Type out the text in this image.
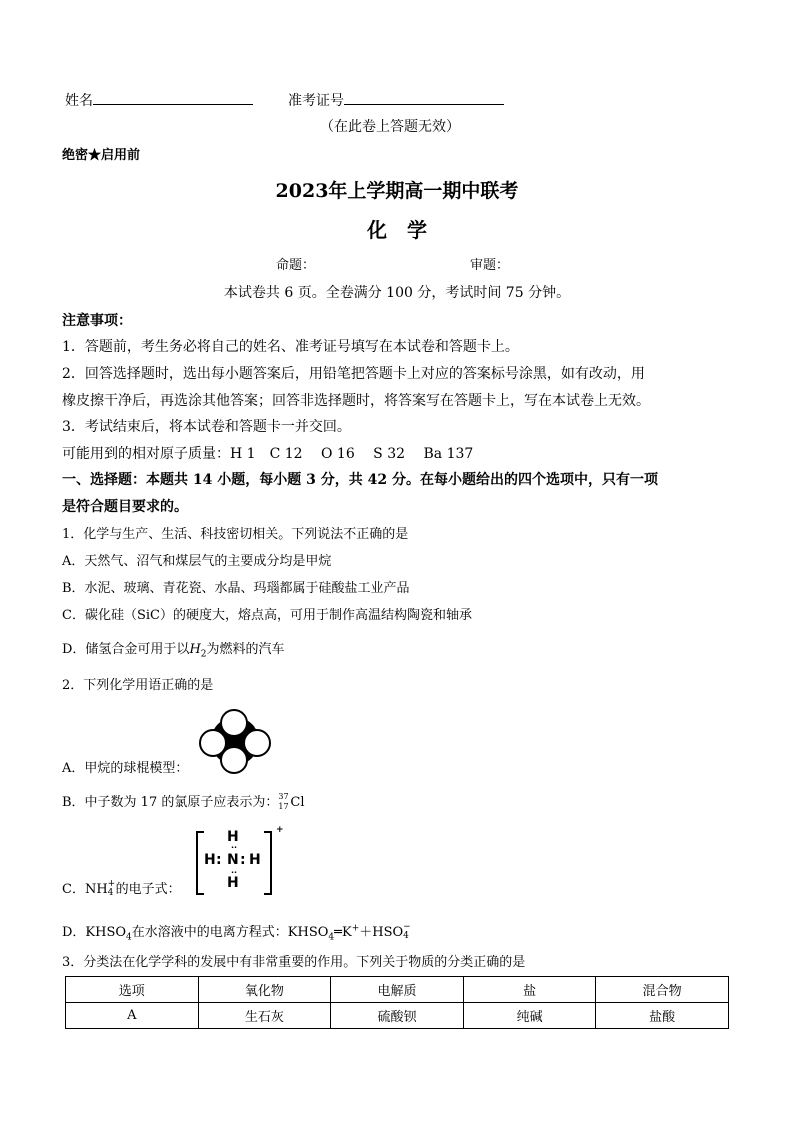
姓名	准考证号
（在此卷上答题无效）
绝密★启用前
2023年上学期高一期中联考
化　学
命题：	审题：
本试卷共 6 页。全卷满分 100 分，考试时间 75 分钟。
注意事项：
1．答题前，考生务必将自己的姓名、准考证号填写在本试卷和答题卡上。
2．回答选择题时，选出每小题答案后，用铅笔把答题卡上对应的答案标号涂黑，如有改动，用
橡皮擦干净后，再选涂其他答案；回答非选择题时，将答案写在答题卡上，写在本试卷上无效。
3．考试结束后，将本试卷和答题卡一并交回。
可能用到的相对原子质量：H 1　C 12　 O 16　 S 32　 Ba 137
一、选择题：本题共 14 小题，每小题 3 分，共 42 分。在每小题给出的四个选项中，只有一项
是符合题目要求的。
1．化学与生产、生活、科技密切相关。下列说法不正确的是
A．天然气、沼气和煤层气的主要成分均是甲烷
B．水泥、玻璃、青花瓷、水晶、玛瑙都属于硅酸盐工业产品
C．碳化硅（SiC）的硬度大，熔点高，可用于制作高温结构陶瓷和轴承
D．储氢合金可用于以$H_2$为燃料的汽车
2．下列化学用语正确的是
A．甲烷的球棍模型：
B．中子数为 17 的氯原子应表示为： 37
17 Cl
C．NH +
4 的电子式：
+
H
H : N : H
H
··
··
D．$KHSO_4$在水溶液中的电离方程式：$KHSO_4═K^++HSO$ −
4
3．分类法在化学学科的发展中有非常重要的作用。下列关于物质的分类正确的是
选项	氧化物	电解质	盐	混合物
A	生石灰	硫酸钡	纯碱	盐酸
